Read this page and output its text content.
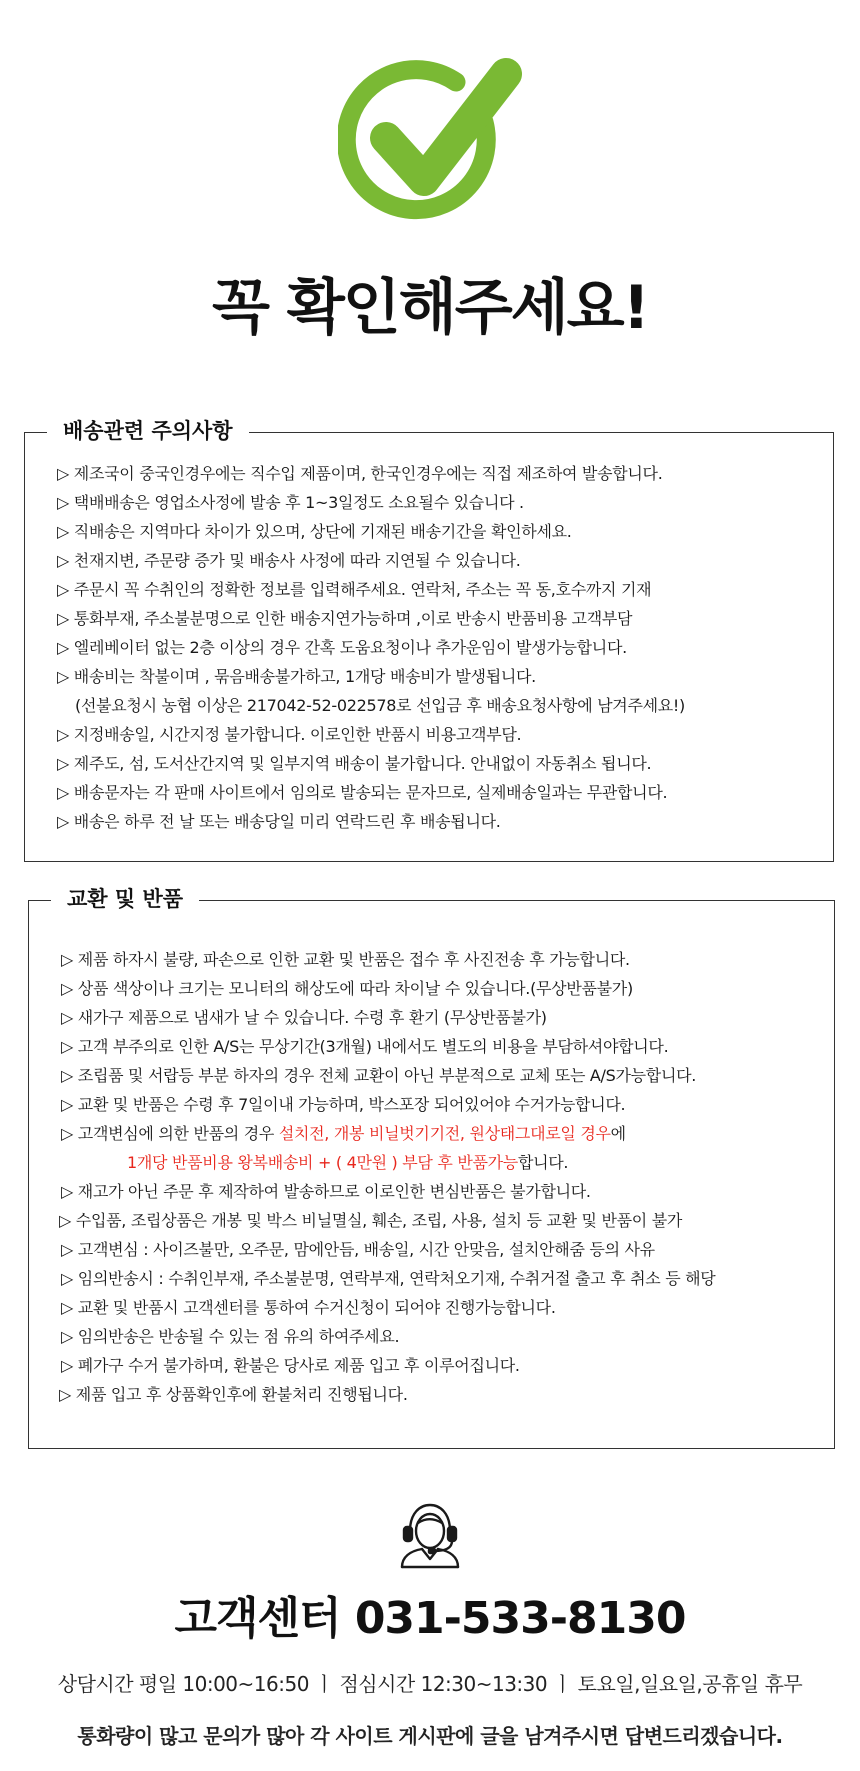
꼭 확인해주세요!
배송관련 주의사항
▷ 제조국이 중국인경우에는 직수입 제품이며, 한국인경우에는 직접 제조하여 발송합니다.
▷ 택배배송은 영업소사정에 발송 후 1~3일정도 소요될수 있습니다 .
▷ 직배송은 지역마다 차이가 있으며, 상단에 기재된 배송기간을 확인하세요.
▷ 천재지변, 주문량 증가 및 배송사 사정에 따라 지연될 수 있습니다.
▷ 주문시 꼭 수취인의 정확한 정보를 입력해주세요. 연락처, 주소는 꼭 동,호수까지 기재
▷ 통화부재, 주소불분명으로 인한 배송지연가능하며 ,이로 반송시 반품비용 고객부담
▷ 엘레베이터 없는 2층 이상의 경우 간혹 도움요청이나 추가운임이 발생가능합니다.
▷ 배송비는 착불이며 , 묶음배송불가하고, 1개당 배송비가 발생됩니다.
(선불요청시 농협 이상은 217042-52-022578로 선입금 후 배송요청사항에 남겨주세요!)
▷ 지정배송일, 시간지정 불가합니다. 이로인한 반품시 비용고객부담.
▷ 제주도, 섬, 도서산간지역 및 일부지역 배송이 불가합니다. 안내없이 자동취소 됩니다.
▷ 배송문자는 각 판매 사이트에서 임의로 발송되는 문자므로, 실제배송일과는 무관합니다.
▷ 배송은 하루 전 날 또는 배송당일 미리 연락드린 후 배송됩니다.
교환 및 반품
▷ 제품 하자시 불량, 파손으로 인한 교환 및 반품은 접수 후 사진전송 후 가능합니다.
▷ 상품 색상이나 크기는 모니터의 해상도에 따라 차이날 수 있습니다.(무상반품불가)
▷ 새가구 제품으로 냄새가 날 수 있습니다. 수령 후 환기 (무상반품불가)
▷ 고객 부주의로 인한 A/S는 무상기간(3개월) 내에서도 별도의 비용을 부담하셔야합니다.
▷ 조립품 및 서랍등 부분 하자의 경우 전체 교환이 아닌 부분적으로 교체 또는 A/S가능합니다.
▷ 교환 및 반품은 수령 후 7일이내 가능하며, 박스포장 되어있어야 수거가능합니다.
▷ 고객변심에 의한 반품의 경우 설치전, 개봉 비닐벗기기전, 원상태그대로일 경우에
1개당 반품비용 왕복배송비 + ( 4만원 ) 부담 후 반품가능합니다.
▷ 재고가 아닌 주문 후 제작하여 발송하므로 이로인한 변심반품은 불가합니다.
▷ 수입품, 조립상품은 개봉 및 박스 비닐멸실, 훼손, 조립, 사용, 설치 등 교환 및 반품이 불가
▷ 고객변심 : 사이즈불만, 오주문, 맘에안듬, 배송일, 시간 안맞음, 설치안해줌 등의 사유
▷ 임의반송시 : 수취인부재, 주소불분명, 연락부재, 연락처오기재, 수취거절 출고 후 취소 등 해당
▷ 교환 및 반품시 고객센터를 통하여 수거신청이 되어야 진행가능합니다.
▷ 임의반송은 반송될 수 있는 점 유의 하여주세요.
▷ 폐가구 수거 불가하며, 환불은 당사로 제품 입고 후 이루어집니다.
▷ 제품 입고 후 상품확인후에 환불처리 진행됩니다.
고객센터 031-533-8130
상담시간 평일 10:00~16:50 ㅣ 점심시간 12:30~13:30 ㅣ 토요일,일요일,공휴일 휴무
통화량이 많고 문의가 많아 각 사이트 게시판에 글을 남겨주시면 답변드리겠습니다.
